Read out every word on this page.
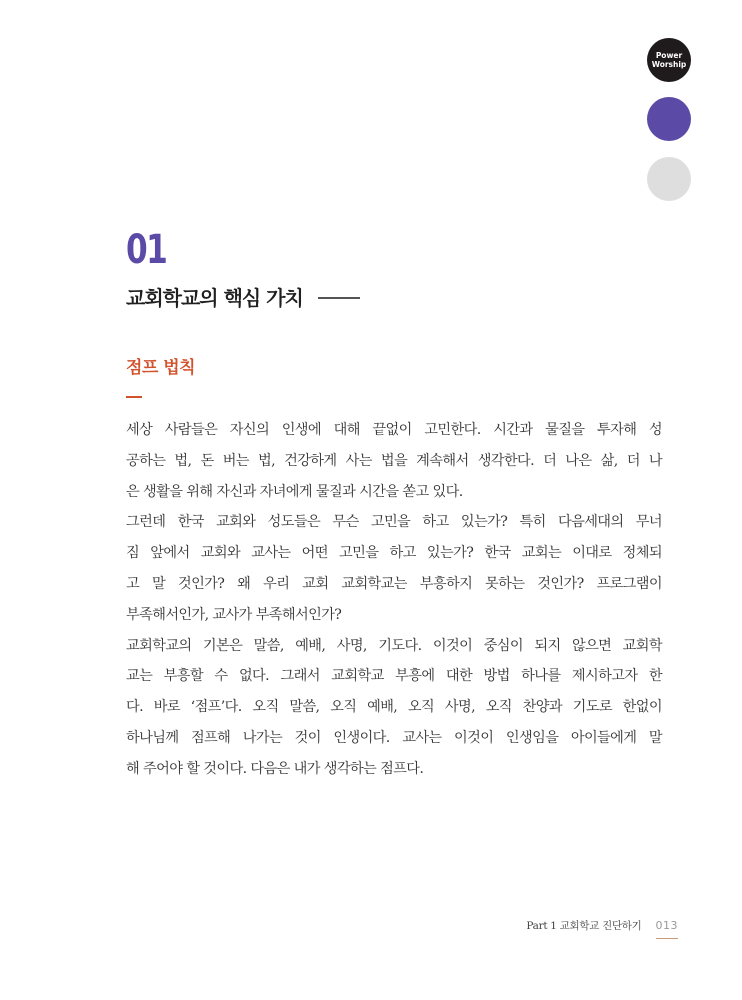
Power
Worship
01
교회학교의 핵심 가치
점프 법칙
세상 사람들은 자신의 인생에 대해 끝없이 고민한다. 시간과 물질을 투자해 성
공하는 법, 돈 버는 법, 건강하게 사는 법을 계속해서 생각한다. 더 나은 삶, 더 나
은 생활을 위해 자신과 자녀에게 물질과 시간을 쏟고 있다.
그런데 한국 교회와 성도들은 무슨 고민을 하고 있는가? 특히 다음세대의 무너
짐 앞에서 교회와 교사는 어떤 고민을 하고 있는가? 한국 교회는 이대로 정체되
고 말 것인가? 왜 우리 교회 교회학교는 부흥하지 못하는 것인가? 프로그램이
부족해서인가, 교사가 부족해서인가?
교회학교의 기본은 말씀, 예배, 사명, 기도다. 이것이 중심이 되지 않으면 교회학
교는 부흥할 수 없다. 그래서 교회학교 부흥에 대한 방법 하나를 제시하고자 한
다. 바로 ‘점프’다. 오직 말씀, 오직 예배, 오직 사명, 오직 찬양과 기도로 한없이
하나님께 점프해 나가는 것이 인생이다. 교사는 이것이 인생임을 아이들에게 말
해 주어야 할 것이다. 다음은 내가 생각하는 점프다.
Part 1 교회학교 진단하기 013
